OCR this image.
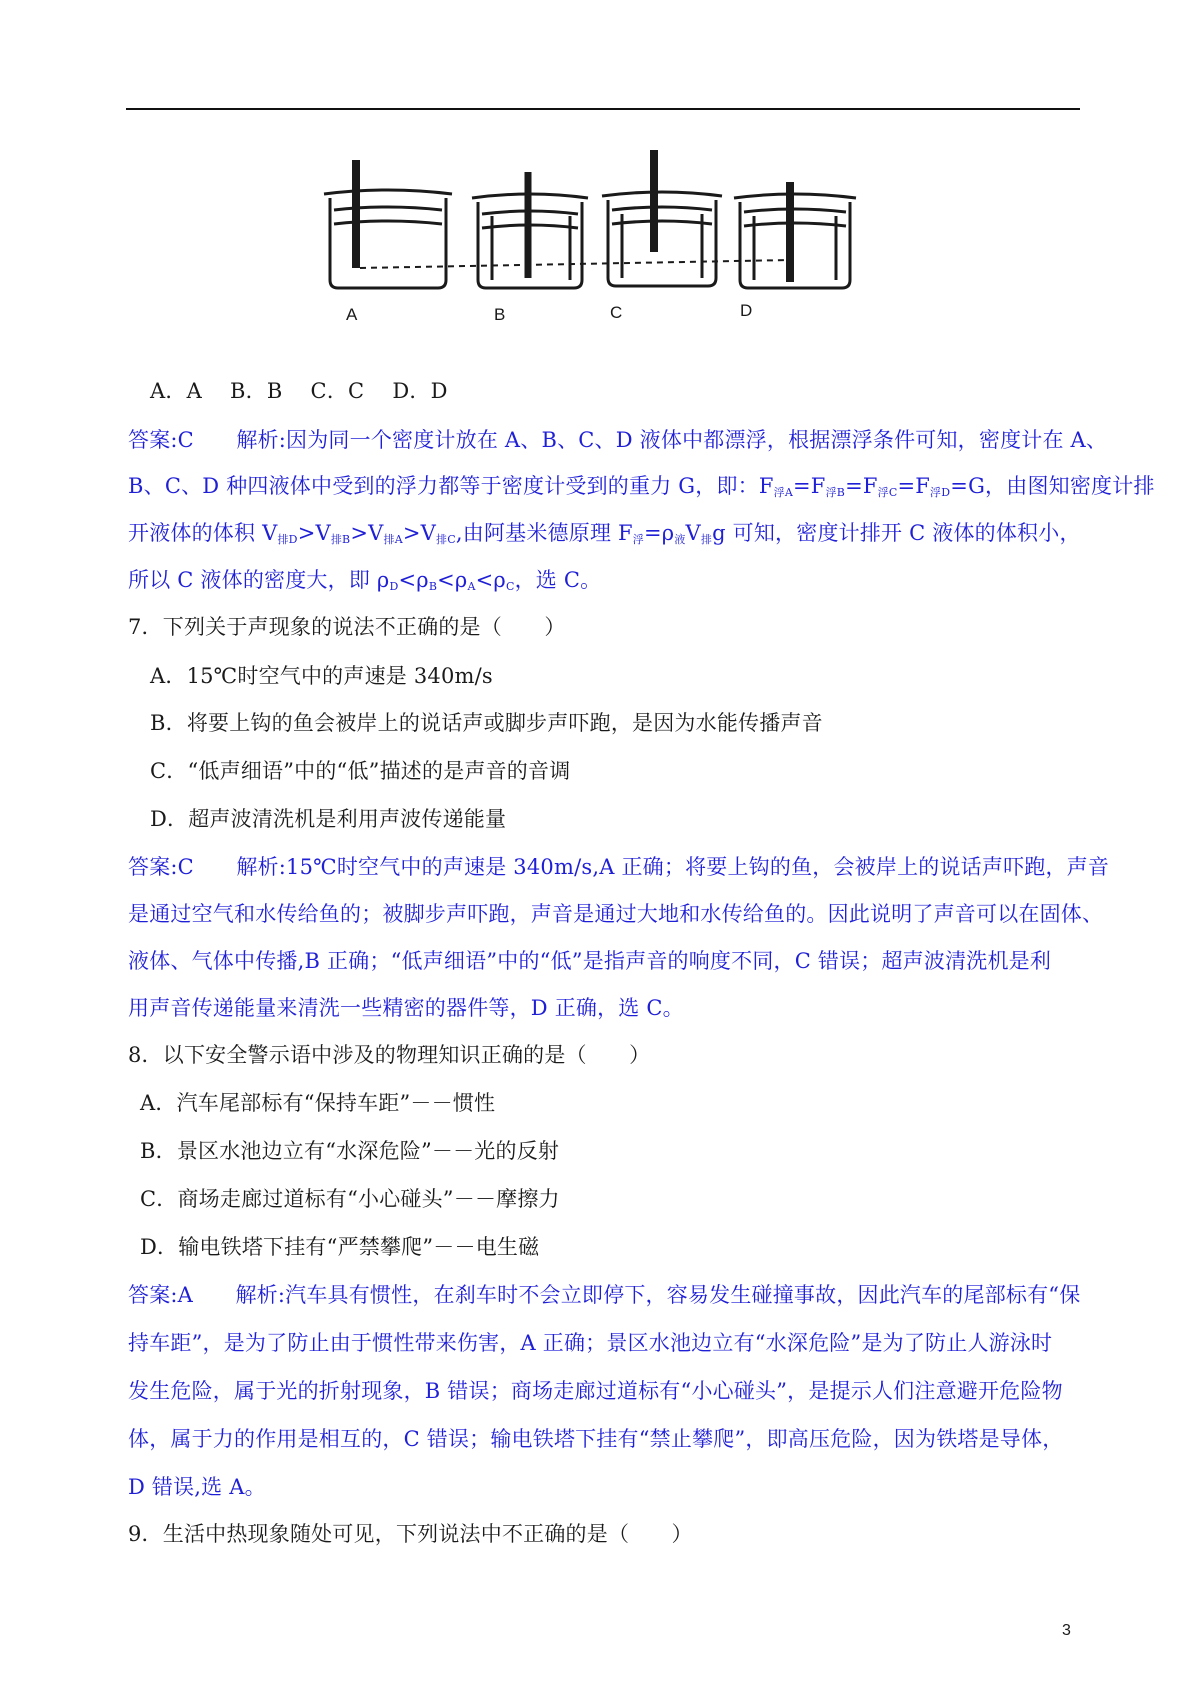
A	B	C	D
A．A　 B．B　 C．C　 D．D
答案:C　　解析:因为同一个密度计放在 A、B、C、D 液体中都漂浮，根据漂浮条件可知，密度计在 A、
B、C、D 种四液体中受到的浮力都等于密度计受到的重力 G，即：$F_{浮A}=F_{浮B}=F_{浮C}=F_{浮D}=G$，由图知密度计排
开液体的体积 $V_{排D}>V_{排B}>V_{排A}>V_{排C}$,由阿基米德原理 $F_浮=\rho_液V_排g$ 可知，密度计排开 C 液体的体积小，
所以 C 液体的密度大，即 $\rho_D<\rho_B<\rho_A<\rho_C$，选 C。
7．下列关于声现象的说法不正确的是（　　）
A．15℃时空气中的声速是 340m/s
B．将要上钩的鱼会被岸上的说话声或脚步声吓跑，是因为水能传播声音
C．“低声细语”中的“低”描述的是声音的音调
D．超声波清洗机是利用声波传递能量
答案:C　　解析:15℃时空气中的声速是 340m/s,A 正确；将要上钩的鱼，会被岸上的说话声吓跑，声音
是通过空气和水传给鱼的；被脚步声吓跑，声音是通过大地和水传给鱼的。因此说明了声音可以在固体、
液体、气体中传播,B 正确；“低声细语”中的“低”是指声音的响度不同，C 错误；超声波清洗机是利
用声音传递能量来清洗一些精密的器件等，D 正确，选 C。
8．以下安全警示语中涉及的物理知识正确的是（　　）
A．汽车尾部标有“保持车距”－－惯性
B．景区水池边立有“水深危险”－－光的反射
C．商场走廊过道标有“小心碰头”－－摩擦力
D．输电铁塔下挂有“严禁攀爬”－－电生磁
答案:A　　解析:汽车具有惯性，在刹车时不会立即停下，容易发生碰撞事故，因此汽车的尾部标有“保
持车距”，是为了防止由于惯性带来伤害，A 正确；景区水池边立有“水深危险”是为了防止人游泳时
发生危险，属于光的折射现象，B 错误；商场走廊过道标有“小心碰头”，是提示人们注意避开危险物
体，属于力的作用是相互的，C 错误；输电铁塔下挂有“禁止攀爬”，即高压危险，因为铁塔是导体，
D 错误,选 A。
9．生活中热现象随处可见，下列说法中不正确的是（　　）
3
